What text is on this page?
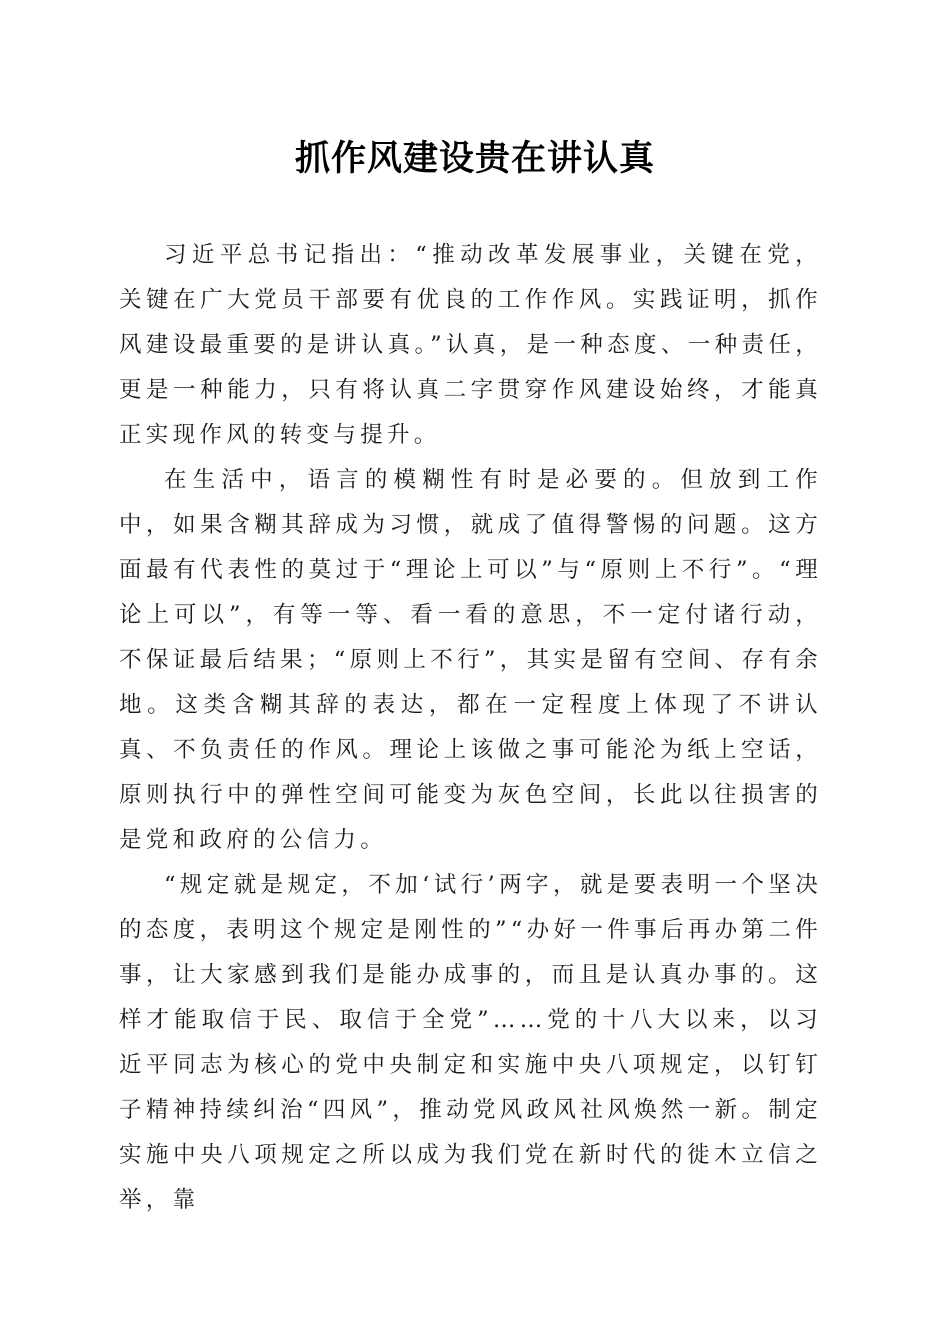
抓作风建设贵在讲认真

习近平总书记指出：“推动改革发展事业，关键在党，关键在广大党员干部要有优良的工作作风。实践证明，抓作风建设最重要的是讲认真。”认真，是一种态度、一种责任，更是一种能力，只有将认真二字贯穿作风建设始终，才能真正实现作风的转变与提升。

在生活中，语言的模糊性有时是必要的。但放到工作中，如果含糊其辞成为习惯，就成了值得警惕的问题。这方面最有代表性的莫过于“理论上可以”与“原则上不行”。“理论上可以”，有等一等、看一看的意思，不一定付诸行动，不保证最后结果；“原则上不行”，其实是留有空间、存有余地。这类含糊其辞的表达，都在一定程度上体现了不讲认真、不负责任的作风。理论上该做之事可能沦为纸上空话，原则执行中的弹性空间可能变为灰色空间，长此以往损害的是党和政府的公信力。

“规定就是规定，不加‘试行’两字，就是要表明一个坚决的态度，表明这个规定是刚性的”“办好一件事后再办第二件事，让大家感到我们是能办成事的，而且是认真办事的。这样才能取信于民、取信于全党”……党的十八大以来，以习近平同志为核心的党中央制定和实施中央八项规定，以钉钉子精神持续纠治“四风”，推动党风政风社风焕然一新。制定实施中央八项规定之所以成为我们党在新时代的徙木立信之举，靠
